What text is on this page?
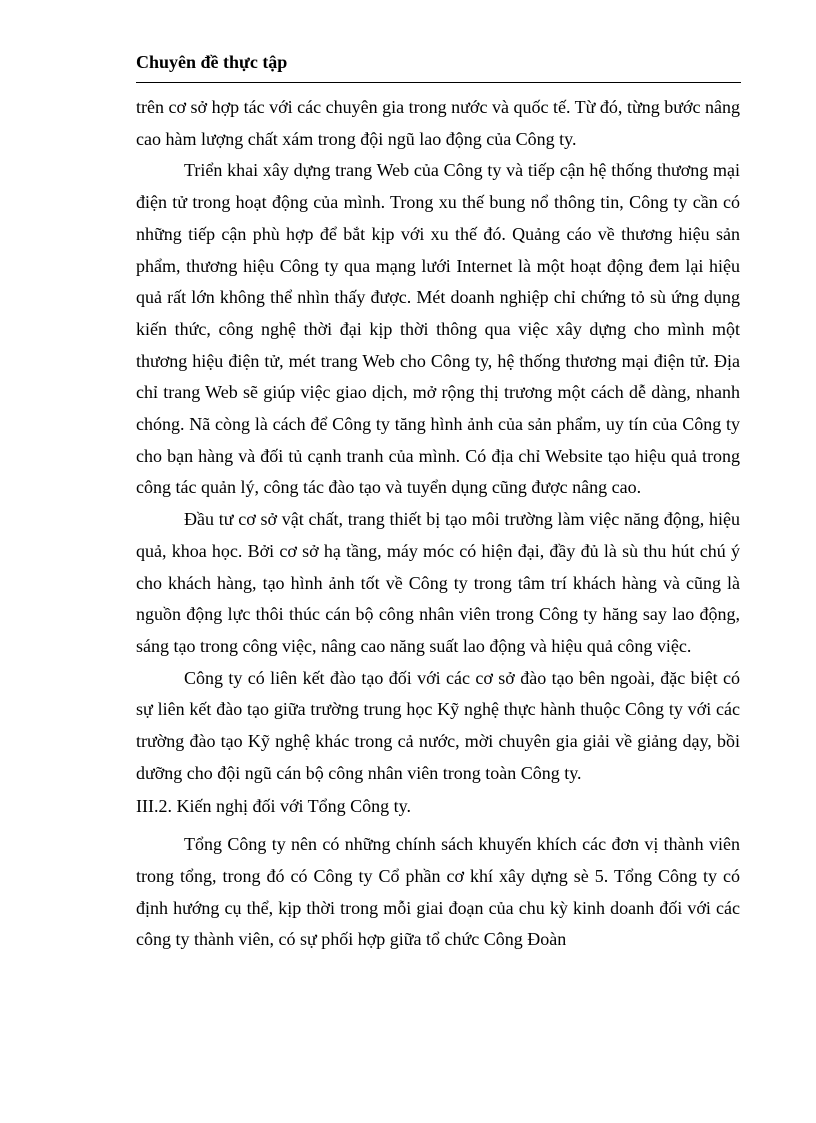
Chuyên đề thực tập

trên cơ sở hợp tác với các chuyên gia trong nước và quốc tế. Từ đó, từng bước nâng cao hàm lượng chất xám trong đội ngũ lao động của Công ty.

Triển khai xây dựng trang Web của Công ty và tiếp cận hệ thống thương mại điện tử trong hoạt động của mình. Trong xu thế bung nổ thông tin, Công ty cần có những tiếp cận phù hợp để bắt kịp với xu thế đó. Quảng cáo về thương hiệu sản phẩm, thương hiệu Công ty qua mạng lưới Internet là một hoạt động đem lại hiệu quả rất lớn không thể nhìn thấy được. Mét doanh nghiệp chỉ chứng tỏ sù ứng dụng kiến thức, công nghệ thời đại kịp thời thông qua việc xây dựng cho mình một thương hiệu điện tử, mét trang Web cho Công ty, hệ thống thương mại điện tử. Địa chỉ trang Web sẽ giúp việc giao dịch, mở rộng thị trương một cách dễ dàng, nhanh chóng. Nã còng là cách để Công ty tăng hình ảnh của sản phẩm, uy tín của Công ty cho bạn hàng và đối tủ cạnh tranh của mình. Có địa chỉ Website tạo hiệu quả trong công tác quản lý, công tác đào tạo và tuyển dụng cũng được nâng cao.

Đầu tư cơ sở vật chất, trang thiết bị tạo môi trường làm việc năng động, hiệu quả, khoa học. Bởi cơ sở hạ tầng, máy móc có hiện đại, đầy đủ là sù thu hút chú ý cho khách hàng, tạo hình ảnh tốt về Công ty trong tâm trí khách hàng và cũng là nguồn động lực thôi thúc cán bộ công nhân viên trong Công ty hăng say lao động, sáng tạo trong công việc, nâng cao năng suất lao động và hiệu quả công việc.

Công ty có liên kết đào tạo đối với các cơ sở đào tạo bên ngoài, đặc biệt có sự liên kết đào tạo giữa trường trung học Kỹ nghệ thực hành thuộc Công ty với các trường đào tạo Kỹ nghệ khác trong cả nước, mời chuyên gia giải về giảng dạy, bồi dưỡng cho đội ngũ cán bộ công nhân viên trong toàn Công ty.

III.2. Kiến nghị đối với Tổng Công ty.

Tổng Công ty nên có những chính sách khuyến khích các đơn vị thành viên trong tổng, trong đó có Công ty Cổ phần cơ khí xây dựng sè 5. Tổng Công ty có định hướng cụ thể, kịp thời trong mỗi giai đoạn của chu kỳ kinh doanh đối với các công ty thành viên, có sự phối hợp giữa tổ chức Công Đoàn
